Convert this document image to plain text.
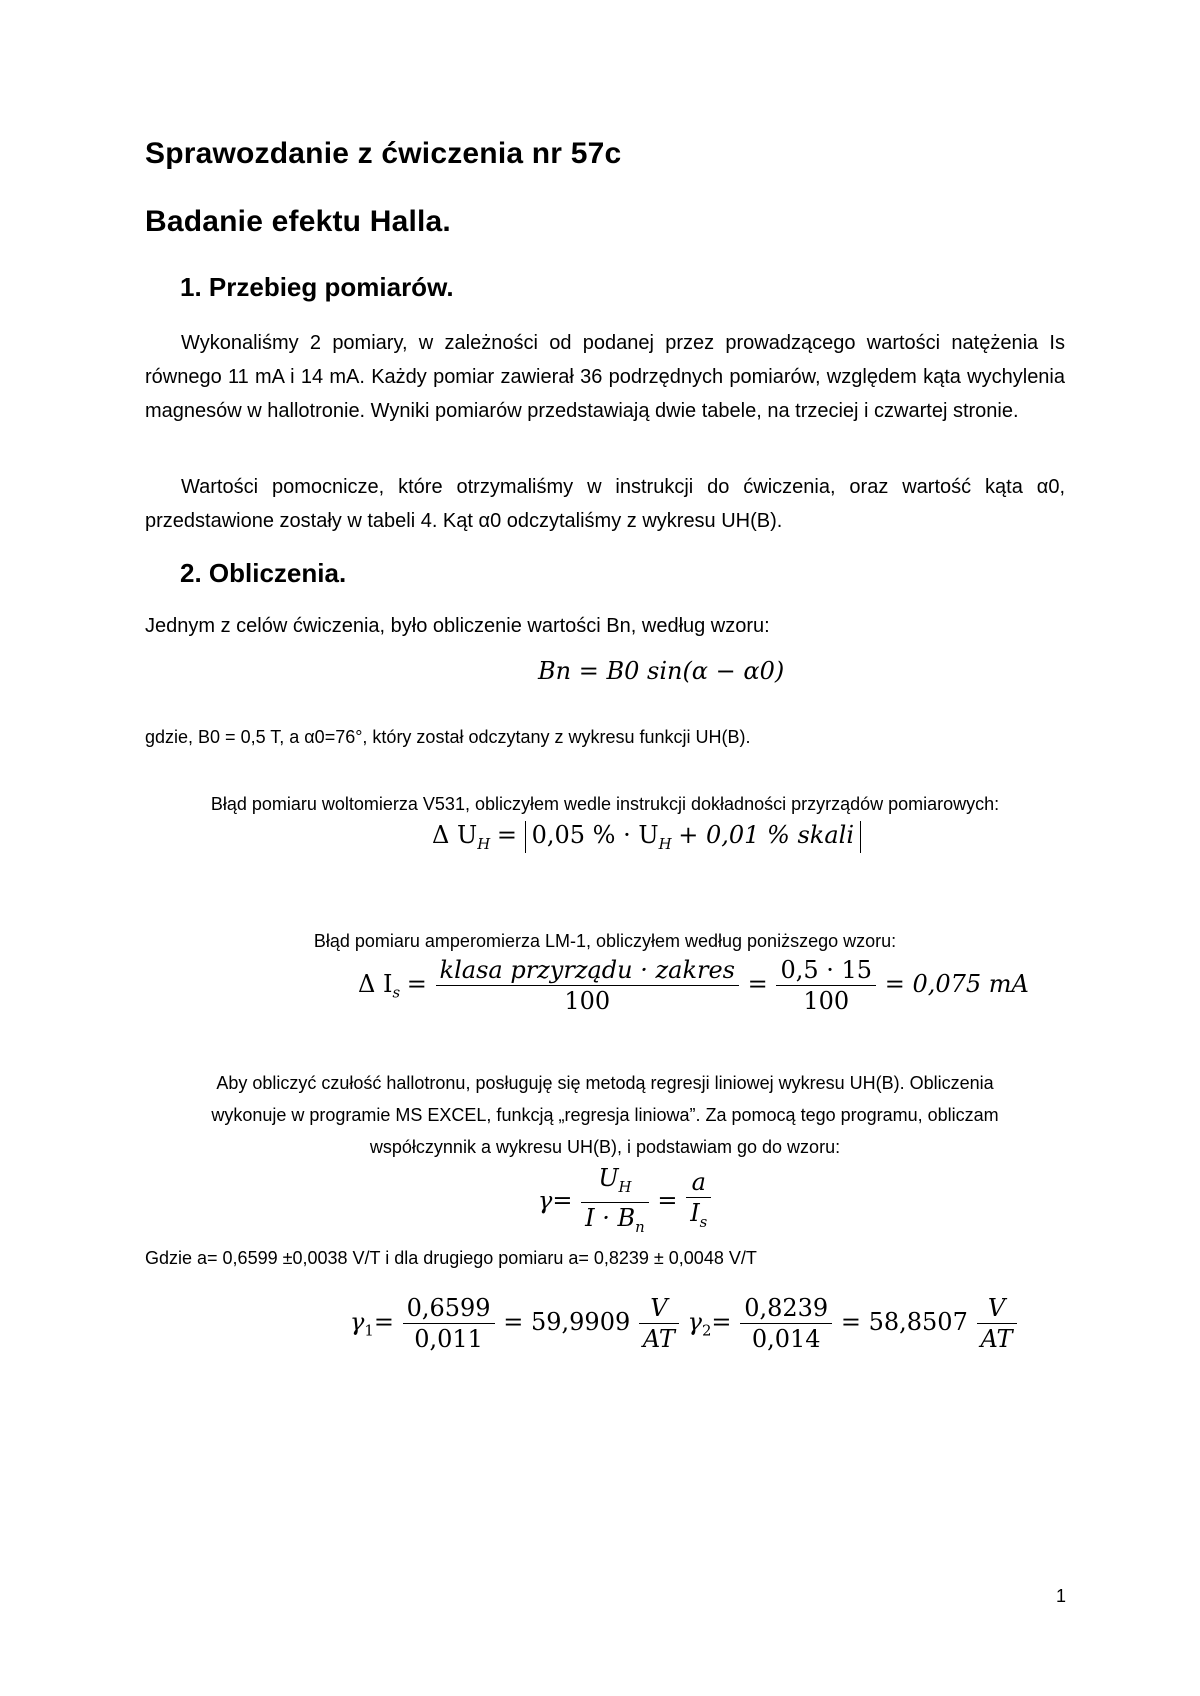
Sprawozdanie z ćwiczenia nr 57c
Badanie efektu Halla.
1. Przebieg pomiarów.

Wykonaliśmy 2 pomiary, w zależności od podanej przez prowadzącego wartości natężenia Is równego 11 mA i 14 mA. Każdy pomiar zawierał 36 podrzędnych pomiarów, względem kąta wychylenia magnesów w hallotronie. Wyniki pomiarów przedstawiają dwie tabele, na trzeciej i czwartej stronie.

Wartości pomocnicze, które otrzymaliśmy w instrukcji do ćwiczenia, oraz wartość kąta α0, przedstawione zostały w tabeli 4. Kąt α0 odczytaliśmy z wykresu UH(B).

2. Obliczenia.
Jednym z celów ćwiczenia, było obliczenie wartości Bn, według wzoru:
Bn = B0 sin(α − α0)
gdzie, B0 = 0,5 T, a α0=76°, który został odczytany z wykresu funkcji UH(B).
Błąd pomiaru woltomierza V531, obliczyłem wedle instrukcji dokładności przyrządów pomiarowych:
Δ $U_H = 0,05$ % · $U_H + 0,01$ % skali
Błąd pomiaru amperomierza LM-1, obliczyłem według poniższego wzoru:
Δ $I_s = \frac{\text{klasa przyrządu · zakres}}{100} = \frac{0,5 \cdot 15}{100} = 0,075$ mA
Aby obliczyć czułość hallotronu, posługuję się metodą regresji liniowej wykresu UH(B). Obliczenia
wykonuje w programie MS EXCEL, funkcją „regresja liniowa”. Za pomocą tego programu, obliczam
współczynnik a wykresu UH(B), i podstawiam go do wzoru:
$\gamma= \frac{U_H}{I \cdot B_n} = \frac{a}{I_s}$
Gdzie a= 0,6599 ±0,0038 V/T i dla drugiego pomiaru a= 0,8239 ± 0,0048 V/T
$\gamma_1= \frac{0,6599}{0,011} = 59,9909 \frac{V}{AT} \gamma_2= \frac{0,8239}{0,014} = 58,8507 \frac{V}{AT}$
1
